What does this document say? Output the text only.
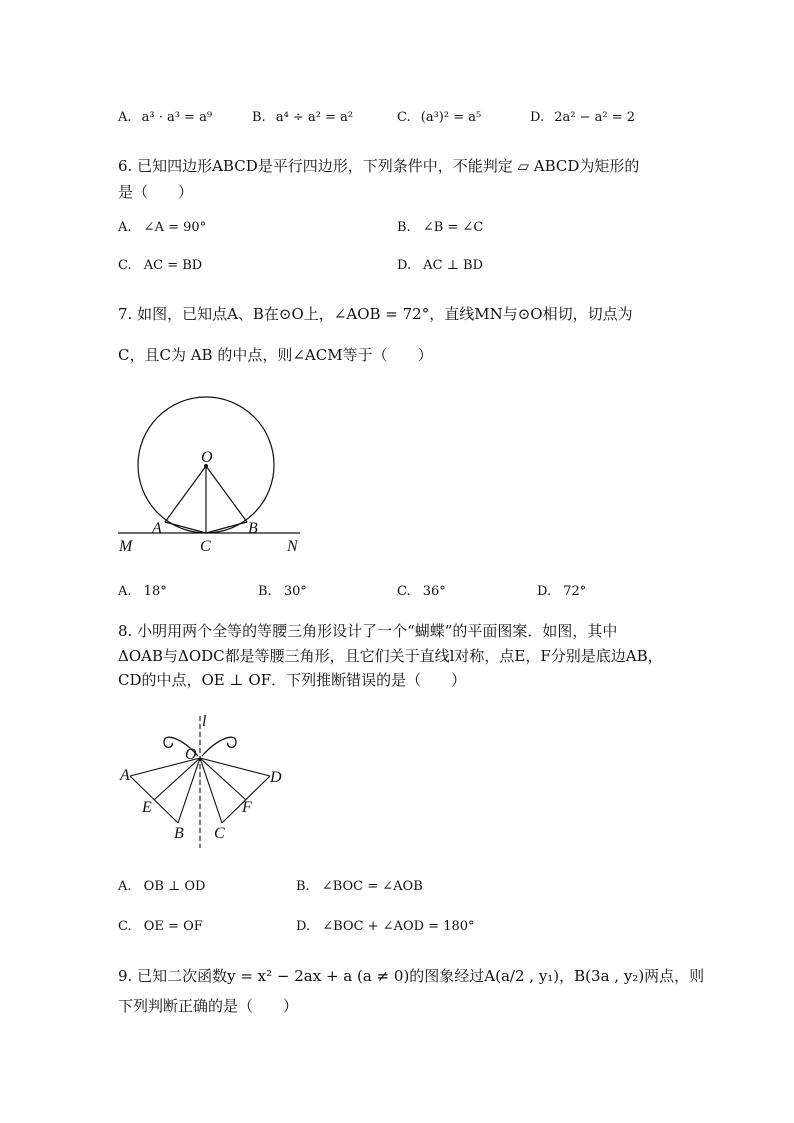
A. a³ · a³ = a⁹	B. a⁴ ÷ a² = a²	C. (a³)² = a⁵	D. 2a² − a² = 2
6. 已知四边形ABCD是平行四边形，下列条件中，不能判定 ▱ ABCD为矩形的
是（　　）
A. ∠A = 90°	B. ∠B = ∠C
C. AC = BD	D. AC ⊥ BD
7. 如图，已知点A、B在⊙O上，∠AOB = 72°，直线MN与⊙O相切，切点为
C，且C为 AB 的中点，则∠ACM等于（　　）
O
A	B
C
M	N
A. 18°	B. 30°	C. 36°	D. 72°
8. 小明用两个全等的等腰三角形设计了一个“蝴蝶”的平面图案．如图，其中
ΔOAB与ΔODC都是等腰三角形，且它们关于直线l对称，点E，F分别是底边AB，
CD的中点，OE ⊥ OF．下列推断错误的是（　　）
l
O
A
E
B C
F
D
A. OB ⊥ OD	B. ∠BOC = ∠AOB
C. OE = OF	D. ∠BOC + ∠AOD = 180°
9. 已知二次函数y = x² − 2ax + a (a ≠ 0)的图象经过A(a/2 , y₁)，B(3a , y₂)两点，则
下列判断正确的是（　　）
